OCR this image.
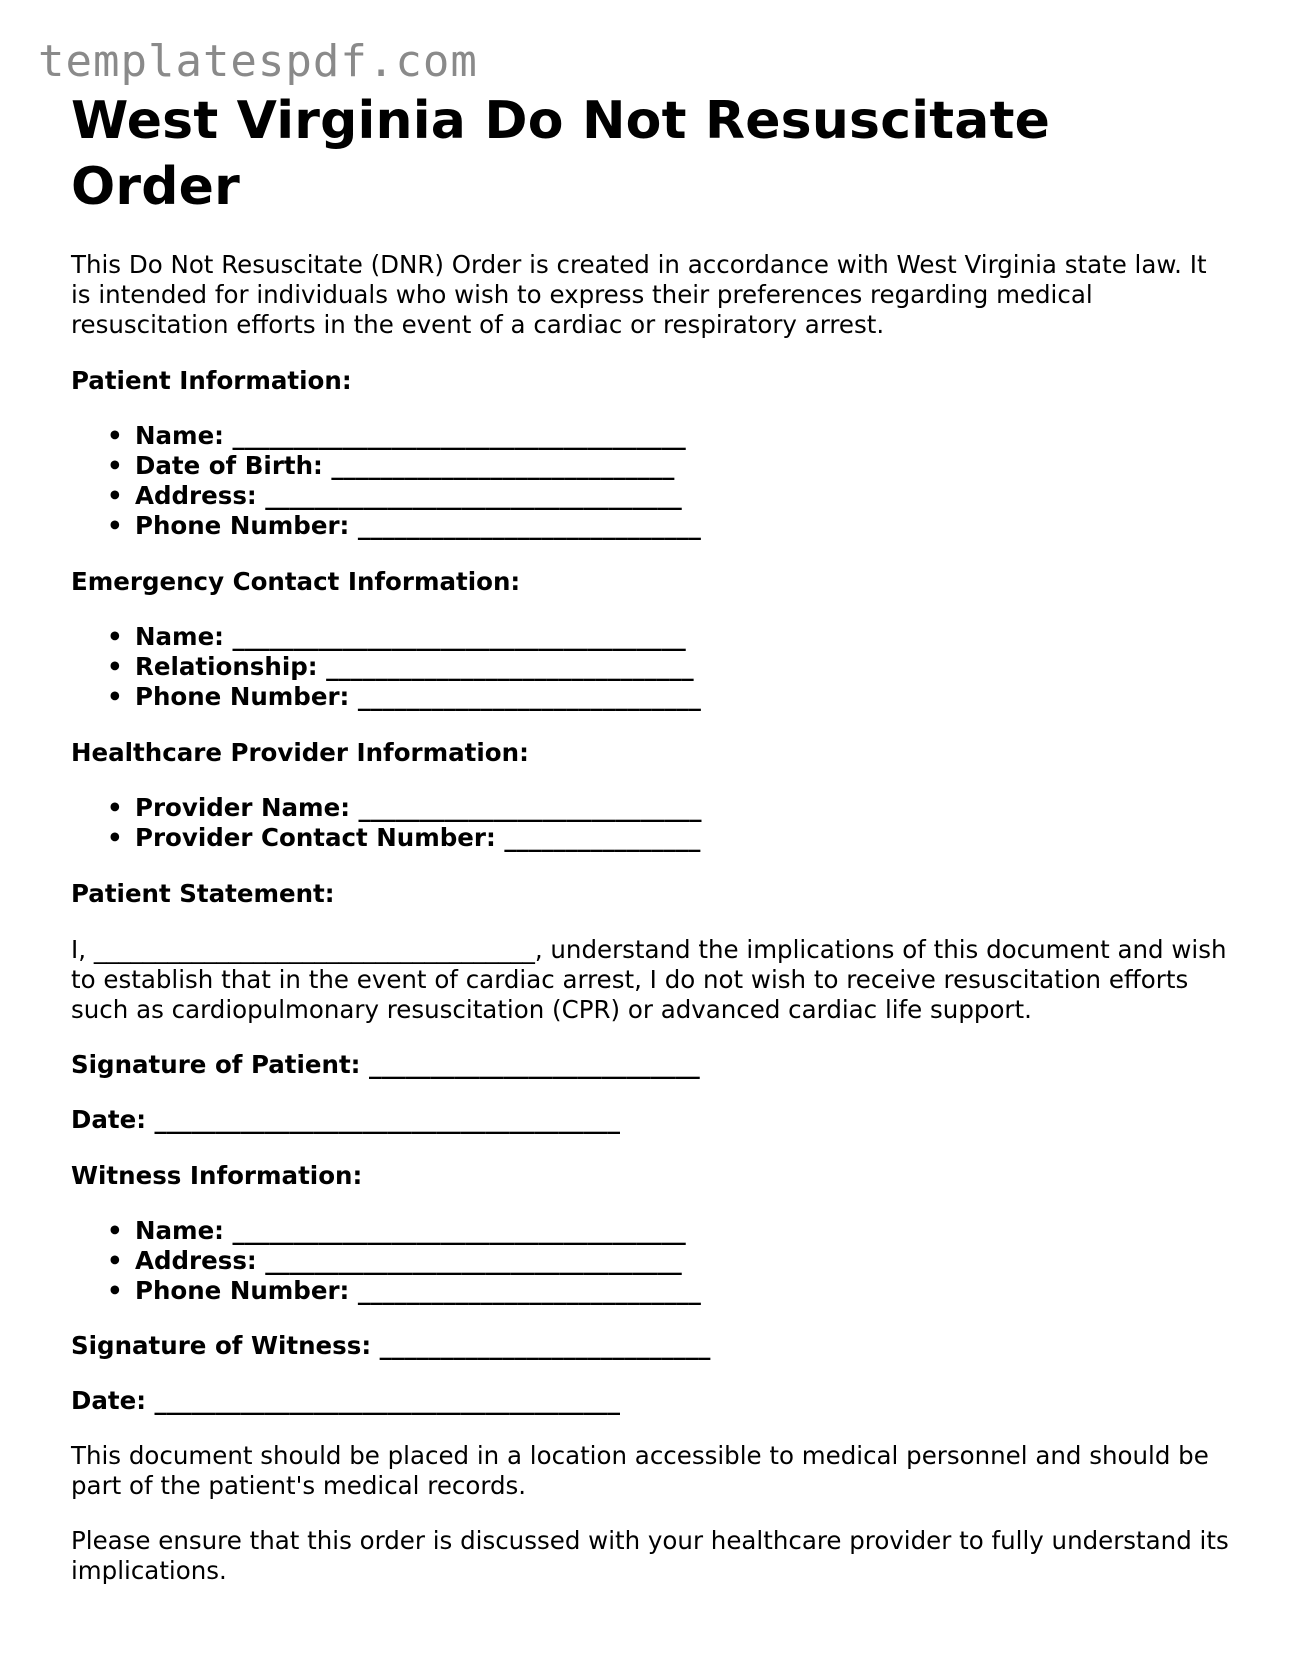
templatespdf.com
West Virginia Do Not Resuscitate Order

This Do Not Resuscitate (DNR) Order is created in accordance with West Virginia state law. It is intended for individuals who wish to express their preferences regarding medical resuscitation efforts in the event of a cardiac or respiratory arrest.

Patient Information:
• Name: _____________________________________
• Date of Birth: ____________________________
• Address: __________________________________
• Phone Number: ____________________________
Emergency Contact Information:
• Name: _____________________________________
• Relationship: ______________________________
• Phone Number: ____________________________
Healthcare Provider Information:
• Provider Name: ____________________________
• Provider Contact Number: ________________
Patient Statement:

I, ____________________________________, understand the implications of this document and wish to establish that in the event of cardiac arrest, I do not wish to receive resuscitation efforts such as cardiopulmonary resuscitation (CPR) or advanced cardiac life support.

Signature of Patient: ___________________________

Date: ______________________________________

Witness Information:
• Name: _____________________________________
• Address: __________________________________
• Phone Number: ____________________________

Signature of Witness: ___________________________

Date: ______________________________________

This document should be placed in a location accessible to medical personnel and should be part of the patient's medical records.

Please ensure that this order is discussed with your healthcare provider to fully understand its implications.
